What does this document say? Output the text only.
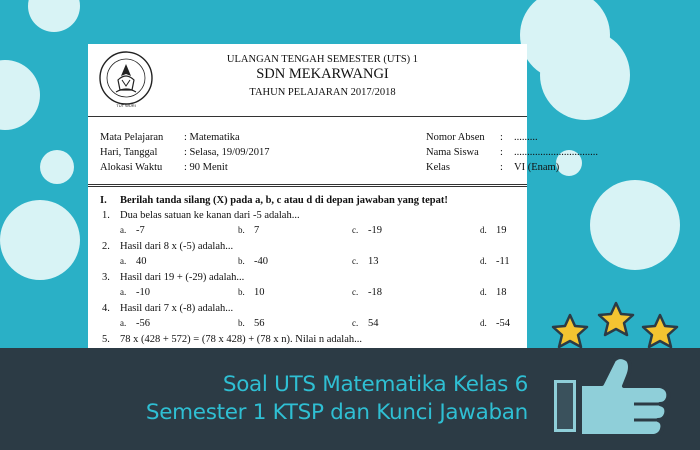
TUT WURI
ULANGAN TENGAH SEMESTER (UTS) 1
SDN MEKARWANGI
TAHUN PELAJARAN 2017/2018
Mata Pelajaran : Matematika
Hari, Tanggal	: Selasa, 19/09/2017
Alokasi Waktu : 90 Menit
Nomor Absen : .........
Nama Siswa : ................................
Kelas	: VI (Enam)
I. Berilah tanda silang (X) pada a, b, c atau d di depan jawaban yang tepat!
1. Dua belas satuan ke kanan dari -5 adalah...
a. -7	b. 7	c. -19	d. 19
2. Hasil dari 8 x (-5) adalah...
a. 40	b. -40	c. 13	d. -11
3. Hasil dari 19 + (-29) adalah...
a. -10	b. 10	c. -18	d. 18
4. Hasil dari 7 x (-8) adalah...
a. -56	b. 56	c. 54	d. -54
5. 78 x (428 + 572) = (78 x 428) + (78 x n). Nilai n adalah...
Soal UTS Matematika Kelas 6
Semester 1 KTSP dan Kunci Jawaban
